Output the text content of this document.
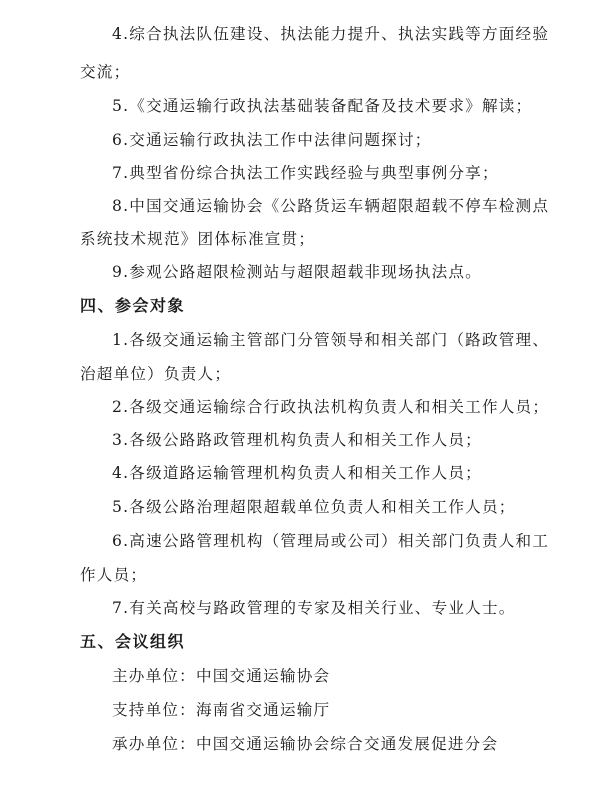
4.综合执法队伍建设、执法能力提升、执法实践等方面经验
交流；
5.《交通运输行政执法基础装备配备及技术要求》解读；
6.交通运输行政执法工作中法律问题探讨；
7.典型省份综合执法工作实践经验与典型事例分享；
8.中国交通运输协会《公路货运车辆超限超载不停车检测点
系统技术规范》团体标准宣贯；
9.参观公路超限检测站与超限超载非现场执法点。
四、参会对象
1.各级交通运输主管部门分管领导和相关部门（路政管理、
治超单位）负责人；
2.各级交通运输综合行政执法机构负责人和相关工作人员；
3.各级公路路政管理机构负责人和相关工作人员；
4.各级道路运输管理机构负责人和相关工作人员；
5.各级公路治理超限超载单位负责人和相关工作人员；
6.高速公路管理机构（管理局或公司）相关部门负责人和工
作人员；
7.有关高校与路政管理的专家及相关行业、专业人士。
五、会议组织
主办单位：中国交通运输协会
支持单位：海南省交通运输厅
承办单位：中国交通运输协会综合交通发展促进分会
